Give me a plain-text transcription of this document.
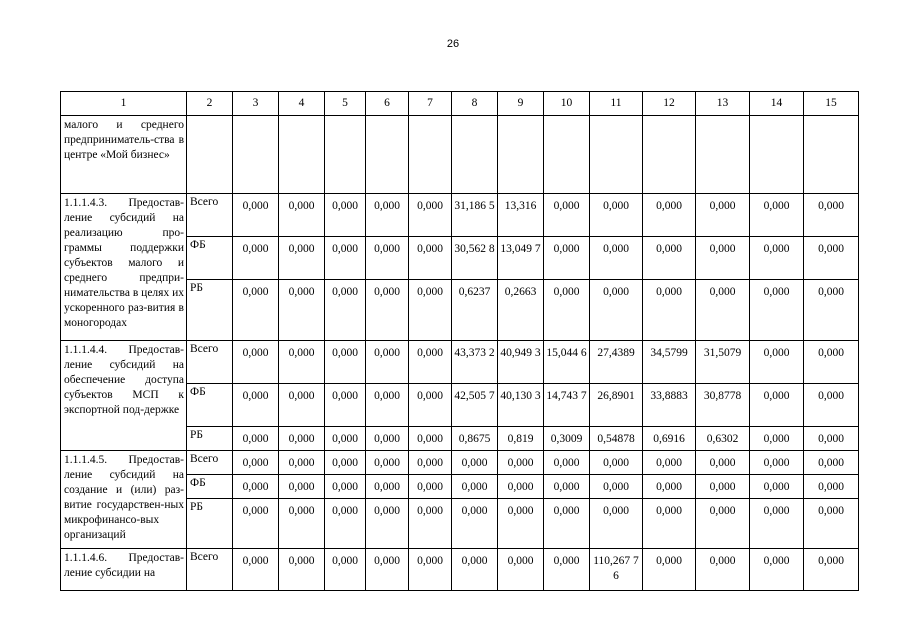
26
1	2	3	4	5	6	7	8	9	10	11	12	13	14	15
малого и среднего предприниматель-ства в центре «Мой бизнес»														
1.1.1.4.3. Предостав-ление субсидий на реализацию про-граммы поддержки субъектов малого и среднего предпри-нимательства в целях их ускоренного раз-вития в моногородах	Всего	0,000	0,000	0,000	0,000	0,000	31,186 5	13,316	0,000	0,000	0,000	0,000	0,000	0,000
	ФБ	0,000	0,000	0,000	0,000	0,000	30,562 8	13,049 7	0,000	0,000	0,000	0,000	0,000	0,000
	РБ	0,000	0,000	0,000	0,000	0,000	0,6237	0,2663	0,000	0,000	0,000	0,000	0,000	0,000
1.1.1.4.4. Предостав-ление субсидий на обеспечение доступа субъектов МСП к экспортной под-держке	Всего	0,000	0,000	0,000	0,000	0,000	43,373 2	40,949 3	15,044 6	27,4389	34,5799	31,5079	0,000	0,000
	ФБ	0,000	0,000	0,000	0,000	0,000	42,505 7	40,130 3	14,743 7	26,8901	33,8883	30,8778	0,000	0,000
	РБ	0,000	0,000	0,000	0,000	0,000	0,8675	0,819	0,3009	0,54878	0,6916	0,6302	0,000	0,000
1.1.1.4.5. Предостав-ление субсидий на создание и (или) раз-витие государствен-ных микрофинансо-вых организаций	Всего	0,000	0,000	0,000	0,000	0,000	0,000	0,000	0,000	0,000	0,000	0,000	0,000	0,000
	ФБ	0,000	0,000	0,000	0,000	0,000	0,000	0,000	0,000	0,000	0,000	0,000	0,000	0,000
	РБ	0,000	0,000	0,000	0,000	0,000	0,000	0,000	0,000	0,000	0,000	0,000	0,000	0,000
1.1.1.4.6. Предостав-ление субсидии на	Всего	0,000	0,000	0,000	0,000	0,000	0,000	0,000	0,000	110,267 76	0,000	0,000	0,000	0,000
